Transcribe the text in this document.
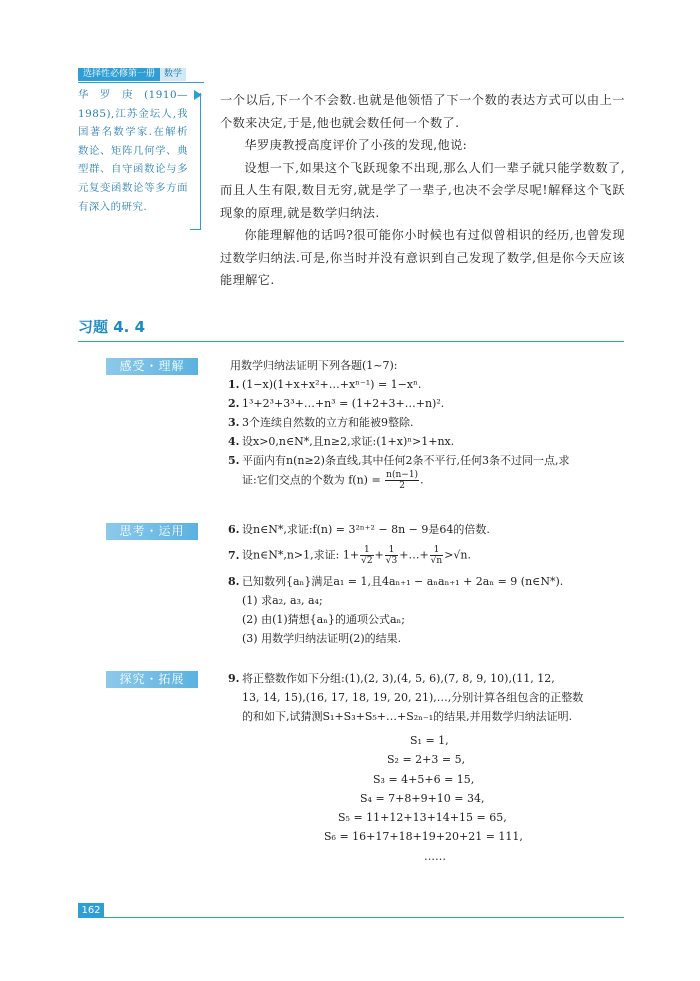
选择性必修第一册	数学
华罗庚(1910—1985),江苏金坛人,我国著名数学家.在解析数论、矩阵几何学、典型群、自守函数论与多元复变函数论等多方面有深入的研究.

一个以后,下一个不会数.也就是他领悟了下一个数的表达方式可以由上一个数来决定,于是,他也就会数任何一个数了.

华罗庚教授高度评价了小孩的发现,他说:

设想一下,如果这个飞跃现象不出现,那么人们一辈子就只能学数数了,而且人生有限,数目无穷,就是学了一辈子,也决不会学尽呢!解释这个飞跃现象的原理,就是数学归纳法.

你能理解他的话吗?很可能你小时候也有过似曾相识的经历,也曾发现过数学归纳法.可是,你当时并没有意识到自己发现了数学,但是你今天应该能理解它.

习题 4. 4
感受・理解	用数学归纳法证明下列各题(1~7):
1. (1−x)(1+x+x²+…+xⁿ⁻¹) = 1−xⁿ.
2. 1³+2³+3³+…+n³ = (1+2+3+…+n)².
3. 3个连续自然数的立方和能被9整除.
4. 设x>0,n∈N*,且n≥2,求证:(1+x)ⁿ>1+nx.
5. 平面内有n(n≥2)条直线,其中任何2条不平行,任何3条不过同一点,求
证:它们交点的个数为 $f(n) = \frac{n(n-1)}{2}$ .
思考・运用	6. 设n∈N*,求证:f(n) = 3²ⁿ⁺² − 8n − 9是64的倍数.
7. 设n∈N*,n>1,求证: $1+ \frac{1}{√2} + \frac{1}{√3}$ +…+ $\frac{1}{√n} >√n$.
8. 已知数列{aₙ}满足a₁ = 1,且4aₙ₊₁ − aₙaₙ₊₁ + 2aₙ = 9 (n∈N*).
(1) 求a₂, a₃, a₄;
(2) 由(1)猜想{aₙ}的通项公式aₙ;
(3) 用数学归纳法证明(2)的结果.
探究・拓展	9. 将正整数作如下分组:(1),(2, 3),(4, 5, 6),(7, 8, 9, 10),(11, 12,
13, 14, 15),(16, 17, 18, 19, 20, 21),…,分别计算各组包含的正整数
的和如下,试猜测S₁+S₃+S₅+…+S₂ₙ₋₁的结果,并用数学归纳法证明.
S₁ = 1,
S₂ = 2+3 = 5,
S₃ = 4+5+6 = 15,
S₄ = 7+8+9+10 = 34,
S₅ = 11+12+13+14+15 = 65,
S₆ = 16+17+18+19+20+21 = 111,
……
162
